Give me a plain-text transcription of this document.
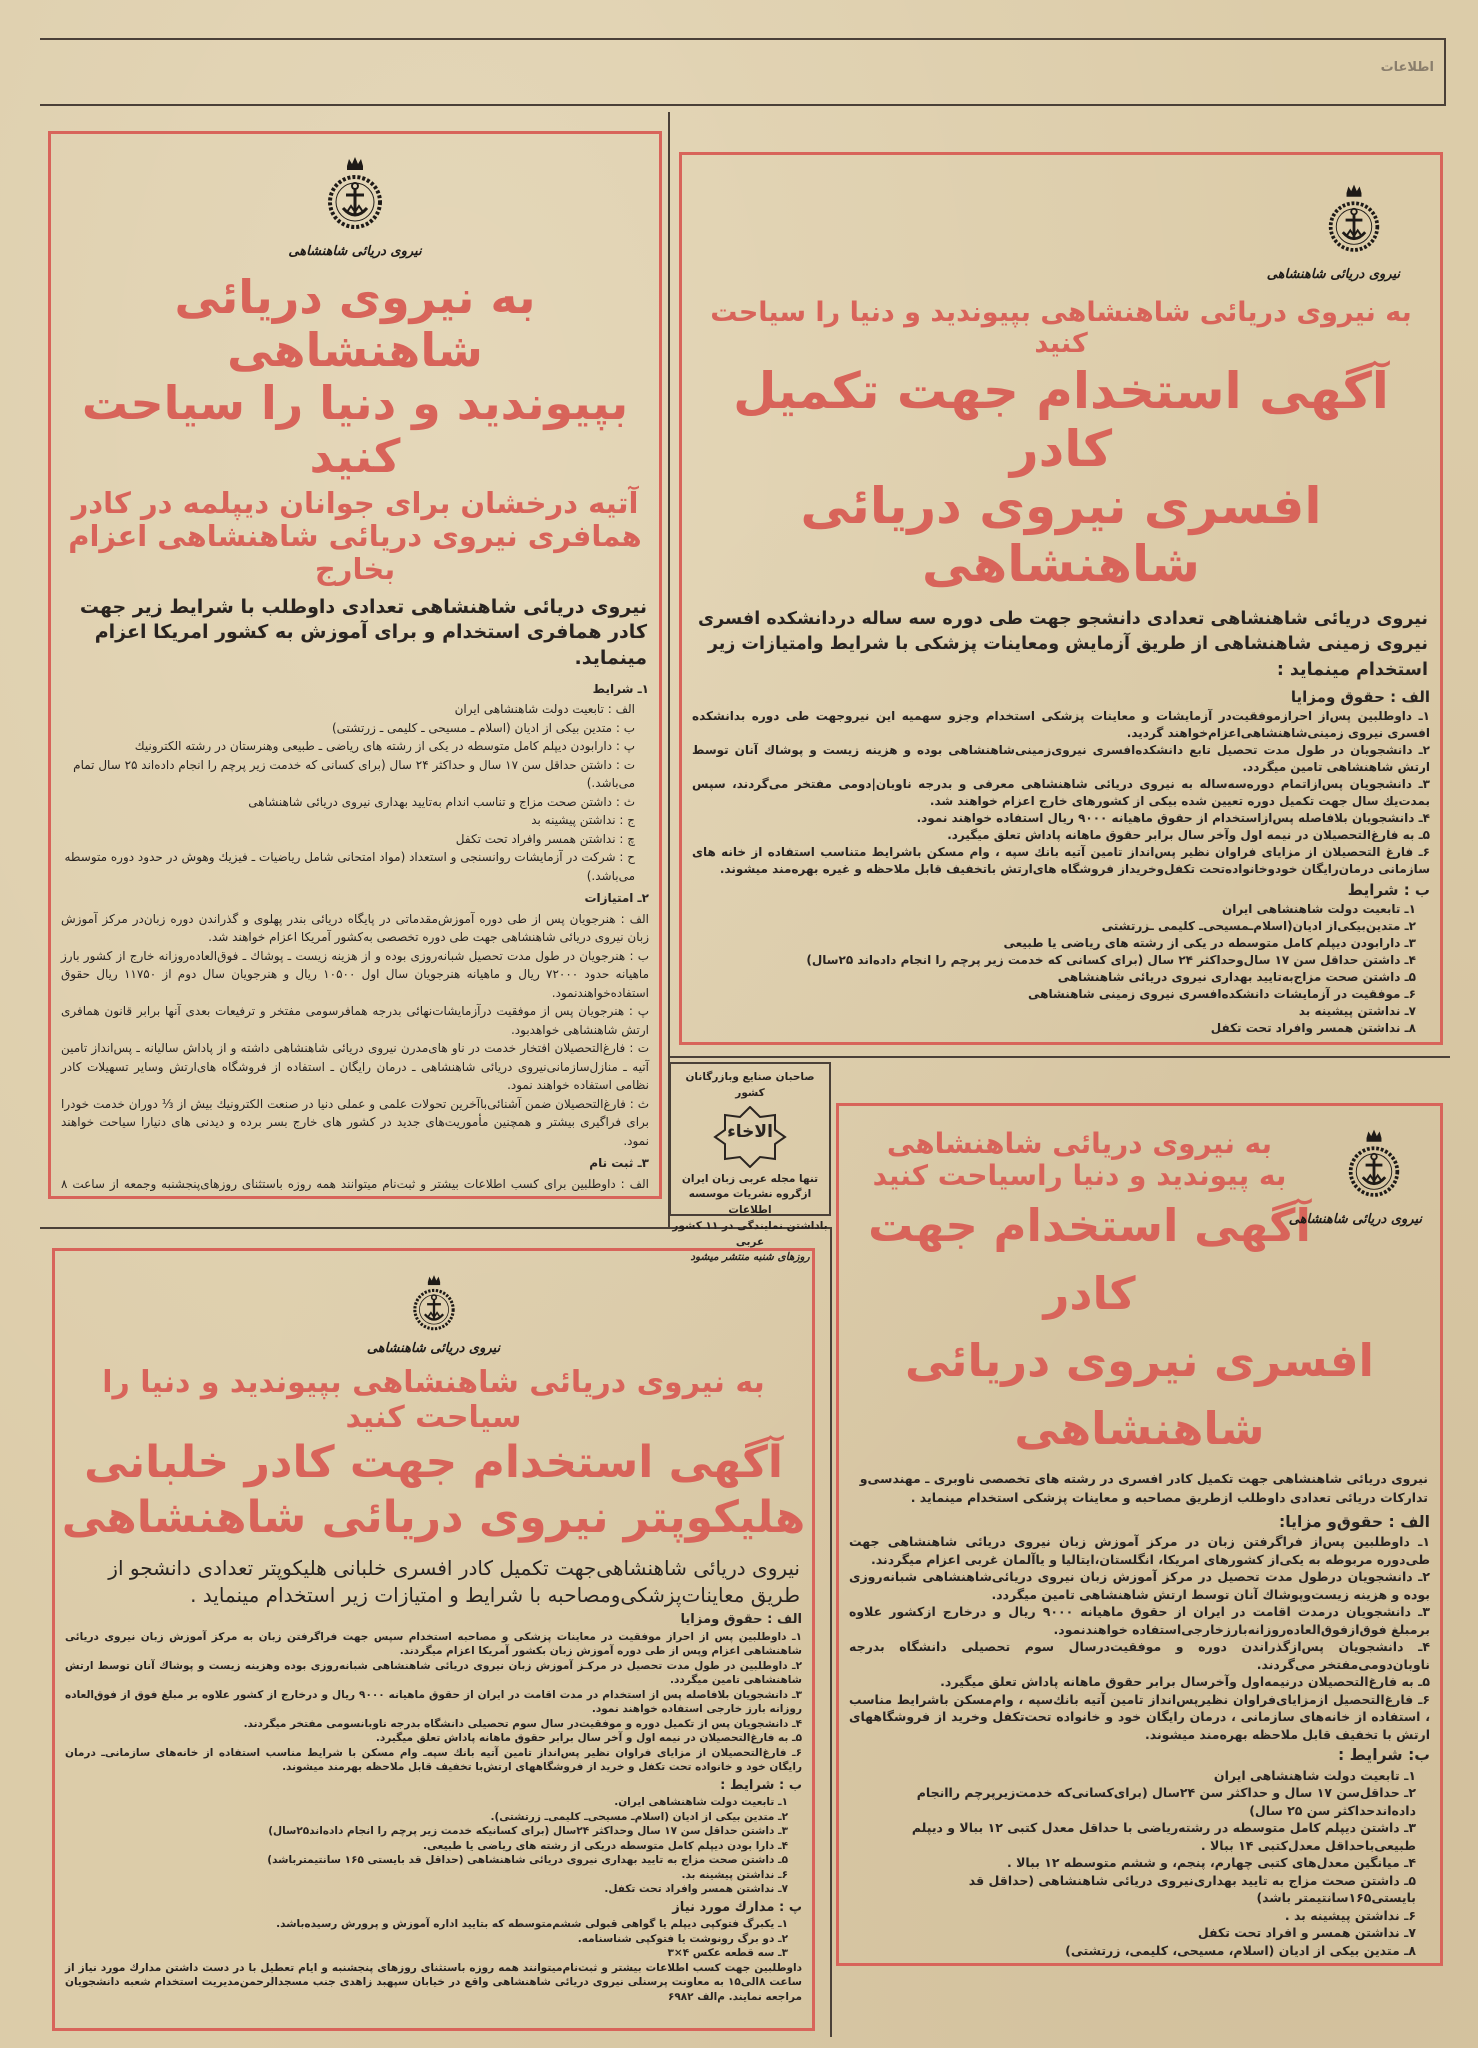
اطلاعات
نیروی دریائی شاهنشاهی
به نیروی دریائی شاهنشاهی
بپیوندید و دنیا را سیاحت کنید
آتیه درخشان برای جوانان دیپلمه در کادر
همافری نیروی دریائی شاهنشاهی اعزام بخارج
نیروی دریائی شاهنشاهی تعدادی داوطلب با شرایط زیر جهت کادر همافری استخدام و برای آموزش به کشور امریکا اعزام مینماید.
۱ـ شرایط
الف : تابعیت دولت شاهنشاهی ایران
ب : متدین بیکی از ادیان (اسلام ـ مسیحی ـ کلیمی ـ زرتشتی)
پ : دارابودن دیپلم کامل متوسطه در یکی از رشته های ریاضی ـ طبیعی وهنرستان در رشته الکترونیك
ت : داشتن حداقل سن ۱۷ سال و حداکثر ۲۴ سال (برای کسانی که خدمت زیر پرچم را انجام داده‌اند ۲۵ سال تمام می‌باشد.)
ث : داشتن صحت مزاج و تناسب اندام به‌تایید بهداری نیروی دریائی شاهنشاهی
ج : نداشتن پیشینه بد
چ : نداشتن همسر وافراد تحت تکفل
ح : شرکت در آزمایشات روانسنجی و استعداد (مواد امتحانی شامل ریاضیات ـ فیزیك وهوش در حدود دوره متوسطه می‌باشد.)
۲ـ امتیازات
الف : هنرجویان پس از طی دوره آموزش‌مقدماتی در پایگاه دریائی بندر پهلوی و گذراندن دوره زبان‌در مرکز آموزش زبان نیروی دریائی شاهنشاهی جهت طی دوره تخصصی به‌کشور آمریکا اعزام خواهند شد.
ب : هنرجویان در طول مدت تحصیل شبانه‌روزی بوده و از هزینه زیست ـ پوشاك ـ فوق‌العاده‌روزانه خارج از کشور بارز ماهیانه حدود ۷۲۰۰۰ ریال و ماهیانه هنرجویان سال اول ۱۰۵۰۰ ریال و هنرجویان سال دوم از ۱۱۷۵۰ ریال حقوق استفاده‌خواهندنمود.
پ : هنرجویان پس از موفقیت درآزمایشات‌نهائی بدرجه همافرسومی مفتخر و ترفیعات بعدی آنها برابر قانون همافری ارتش شاهنشاهی خواهدبود.
ت : فارغ‌التحصیلان افتخار خدمت در ناو های‌مدرن نیروی دریائی شاهنشاهی داشته و از پاداش سالیانه ـ پس‌انداز تامین آتیه ـ منازل‌سازمانی‌نیروی دریائی شاهنشاهی ـ درمان رایگان ـ استفاده از فروشگاه های‌ارتش وسایر تسهیلات کادر نظامی استفاده خواهند نمود.
ث : فارغ‌التحصیلان ضمن آشنائی‌باآخرین تحولات علمی و عملی دنیا در صنعت الکترونیك بیش از ⅓ دوران خدمت خودرا برای فراگیری بیشتر و همچنین مأموریت‌های جدید در کشور های خارج بسر برده و دیدنی های دنیارا سیاحت خواهند نمود.
۳ـ ثبت نام
الف : داوطلبین برای کسب اطلاعات بیشتر و ثبت‌نام میتوانند همه روزه باستثنای روزهای‌پنجشنبه وجمعه از ساعت ۸
نیروی دریائی شاهنشاهی
به نیروی دریائی شاهنشاهی بپیوندید و دنیا را سیاحت کنید
آگهی استخدام جهت تکمیل کادر
افسری نیروی دریائی شاهنشاهی
نیروی دریائی شاهنشاهی تعدادی دانشجو جهت طی دوره سه ساله دردانشکده افسری نیروی زمینی شاهنشاهی از طریق آزمایش ومعاینات پزشکی با شرایط وامتیازات زیر استخدام مینماید :
الف : حقوق ومزایا
۱ـ داوطلبین پس‌از احرازموفقیت‌در آزمایشات و معاینات پزشکی استخدام وجزو سهمیه این نیروجهت طی دوره بدانشکده افسری نیروی زمینی‌شاهنشاهی‌اعزام‌خواهند گردید.
۲ـ دانشجویان در طول مدت تحصیل تابع دانشکده‌افسری نیروی‌زمینی‌شاهنشاهی بوده و هزینه زیست و پوشاك آنان توسط ارتش شاهنشاهی تامین میگردد.
۳ـ دانشجویان پس‌ازاتمام دوره‌سه‌ساله به نیروی دریائی شاهنشاهی معرفی و بدرجه ناوبان|دومی مفتخر می‌گردند، سپس بمدت‌یك سال جهت تکمیل دوره تعیین شده بیکی از کشورهای خارج اعزام خواهند شد.
۴ـ دانشجویان بلافاصله پس‌ازاستخدام از حقوق ماهیانه ۹۰۰۰ ریال استفاده خواهند نمود.
۵ـ به فارغ‌التحصیلان در نیمه اول وآخر سال برابر حقوق ماهانه پاداش تعلق میگیرد.
۶ـ فارغ التحصیلان از مزایای فراوان نظیر پس‌انداز تامین آتیه بانك سپه ، وام مسکن باشرایط متناسب استفاده از خانه های سازمانی درمان‌رایگان خودوخانواده‌تحت تکفل‌وخریداز فروشگاه های‌ارتش باتخفیف قابل ملاحظه و غیره بهره‌مند میشوند.
ب : شرایط
۱ـ تابعیت دولت شاهنشاهی ایران
۲ـ متدین‌بیکی‌از ادیان(اسلام‌ـمسیحی‌ـ کلیمی ـزرتشتی
۳ـ دارابودن دیپلم کامل متوسطه در یکی از رشته های ریاضی یا طبیعی
۴ـ داشتن حداقل سن ۱۷ سال‌وحداکثر ۲۴ سال (برای کسانی که خدمت زیر پرچم را انجام داده‌اند ۲۵سال)
۵ـ داشتن صحت مزاج‌به‌تایید بهداری نیروی دریائی شاهنشاهی
۶ـ موفقیت در آزمایشات دانشکده‌افسری نیروی زمینی شاهنشاهی
۷ـ نداشتن پیشینه بد
۸ـ نداشتن همسر وافراد تحت تکفل
صاحبان صنایع وبازرگانان کشور
الاخاء
تنها مجله عربی زبان ایران
ازگروه نشریات موسسه اطلاعات
باداشتن نمایندگی در ۱۱ کشور عربی
روزهای شنبه منتشر میشود
نیروی دریائی شاهنشاهی
به نیروی دریائی شاهنشاهی
به پیوندید و دنیا راسیاحت کنید
آگهی استخدام جهت کادر
افسری نیروی دریائی شاهنشاهی
نیروی دریائی شاهنشاهی جهت تکمیل کادر افسری در رشته های تخصصی ناوبری ـ مهندسی‌و تدارکات دریائی تعدادی داوطلب ازطریق مصاحبه و معاینات پزشکی استخدام مینماید .
الف : حقوق‌و مزایا:
۱ـ داوطلبین پس‌از فراگرفتن زبان در مرکز آموزش زبان نیروی دریائی شاهنشاهی جهت طی‌دوره مربوطه به یکی‌از کشورهای امریکا، انگلستان،ایتالیا و یاآلمان غربی اعزام میگردند.
۲ـ دانشجویان درطول مدت تحصیل در مرکز آموزش زبان نیروی دریائی‌شاهنشاهی شبانه‌روزی بوده و هزینه زیست‌وپوشاك آنان توسط ارتش شاهنشاهی تامین میگردد.
۳ـ دانشجویان درمدت اقامت در ایران از حقوق ماهیانه ۹۰۰۰ ریال و درخارج ازکشور علاوه برمبلغ فوق‌ازفوق‌العاده‌روزانه‌بارزخارجی‌استفاده خواهندنمود.
۴ـ دانشجویان پس‌ازگذراندن دوره و موفقیت‌درسال سوم تحصیلی دانشگاه بدرجه ناوبان‌دومی‌مفتخر می‌گردند.
۵ـ به فارغ‌التحصیلان درنیمه‌اول وآخرسال برابر حقوق ماهانه پاداش تعلق میگیرد.
۶ـ فارغ‌التحصیل ازمزایای‌فراوان نظیرپس‌انداز تامین آتیه بانك‌سپه ، وام‌مسکن باشرایط مناسب ، استفاده از خانه‌های سازمانی ، درمان رایگان خود و خانواده تحت‌تکفل وخرید از فروشگاههای ارتش با تخفیف قابل ملاحظه بهره‌مند میشوند.
ب: شرایط :
۱ـ تابعیت دولت شاهنشاهی ایران
۲ـ حداقل‌سن ۱۷ سال و حداکثر سن ۲۴سال (برای‌کسانی‌که خدمت‌زیرپرچم راانجام داده‌اندحداکثر سن ۲۵ سال)
۳ـ داشتن دیپلم کامل متوسطه در رشته‌ریاضی با حداقل معدل کتبی ۱۲ ببالا و دیپلم طبیعی‌باحداقل معدل‌کتبی ۱۴ ببالا .
۴ـ میانگین معدل‌های کتبی چهارم، پنجم، و ششم متوسطه ۱۲ ببالا .
۵ـ داشتن صحت مزاج به تایید بهداری‌نیروی دریائی شاهنشاهی (حداقل قد بایستی۱۶۵سانتیمتر باشد)
۶ـ نداشتن پیشینه بد .
۷ـ نداشتن همسر و افراد تحت تکفل
۸ـ متدین بیکی از ادیان (اسلام، مسیحی، کلیمی، زرتشتی)
نیروی دریائی شاهنشاهی
به نیروی دریائی شاهنشاهی بپیوندید و دنیا را سیاحت کنید
آگهی استخدام جهت کادر خلبانی
هلیکوپتر نیروی دریائی شاهنشاهی
نیروی دریائی شاهنشاهی‌جهت تکمیل کادر افسری خلبانی هلیکوپتر تعدادی دانشجو از طریق معاینات‌پزشکی‌ومصاحبه با شرایط و امتیازات زیر استخدام مینماید .
الف : حقوق ومزایا
۱ـ داوطلبین پس از احراز موفقیت در معاینات پزشکی و مصاحبه استخدام سپس جهت فراگرفتن زبان به مرکز آموزش زبان نیروی دریائی شاهنشاهی اعزام وپس از طی دوره آموزش زبان بکشور آمریکا اعزام میگردند.
۲ـ داوطلبین در طول مدت تحصیل در مرکـز آموزش زبان نیروی دریائی شاهنشاهی شبانه‌روزی بوده وهزینه زیست و پوشاك آنان توسط ارتش شاهنشاهی تامین میگردد.
۳ـ دانشجویان بلافاصله پس از استخدام در مدت اقامت در ایران از حقوق ماهیانه ۹۰۰۰ ریال و درخارج از کشور علاوه بر مبلغ فوق از فوق‌العاده روزانه بارز خارجی استفاده خواهند نمود.
۴ـ دانشجویان پس از تکمیل دوره و موفقیت‌در سال سوم تحصیلی دانشگاه بدرجه ناوبانسومی مفتخر میگردند.
۵ـ به فارغ‌التحصیلان در نیمه اول و آخر سال برابر حقوق ماهانه پاداش تعلق میگیرد.
۶ـ فارغ‌التحصیلان از مزایای فراوان نظیر پس‌انداز تامین آتیه بانك سپه‌ـ وام مسکن با شرایط مناسب استفاده از خانه‌های سازمانی‌ـ درمان رایگان خود و خانواده تحت تکفل و خرید از فروشگاههای ارتش‌با تخفیف قابل ملاحظه بهرمند میشوند.
ب : شرایط :
۱ـ تابعیت دولت شاهنشاهی ایران.
۲ـ متدین بیکی از ادیان (اسلام‌ـ مسیحی‌ـ کلیمی‌ـ زرتشتی).
۳ـ داشتن حداقل سن ۱۷ سال وحداکثر ۲۴سال (برای کسانیکه خدمت زیر پرچم را انجام داده‌اند۲۵سال)
۴ـ دارا بودن دیپلم کامل متوسطه دریکی از رشته های ریاضی یا طبیعی.
۵ـ داشتن صحت مزاج به تایید بهداری نیروی دریائی شاهنشاهی (حداقل قد بایستی ۱۶۵ سانتیمترباشد)
۶ـ نداشتن پیشینه بد.
۷ـ نداشتن همسر وافراد تحت تکفل.
پ : مدارك مورد نیاز
۱ـ یکبرگ فتوکپی دیپلم یا گواهی قبولی ششم‌متوسطه که بتایید اداره آموزش و پرورش رسیده‌باشد.
۲ـ دو برگ رونوشت یا فتوکپی شناسنامه.
۳ـ سه قطعه عکس ۴×۳
داوطلبین جهت کسب اطلاعات بیشتر و ثبت‌نام‌میتوانند همه روزه باستثنای روزهای پنجشنبه و ایام تعطیل با در دست داشتن مدارك مورد نیاز از ساعت ۸الی۱۵ به معاونت پرسنلی نیروی دریائی شاهنشاهی واقع در خیابان سپهبد زاهدی جنب مسجدالرحمن‌مدیریت استخدام شعبه دانشجویان مراجعه نمایند. م‌الف ۶۹۸۲
